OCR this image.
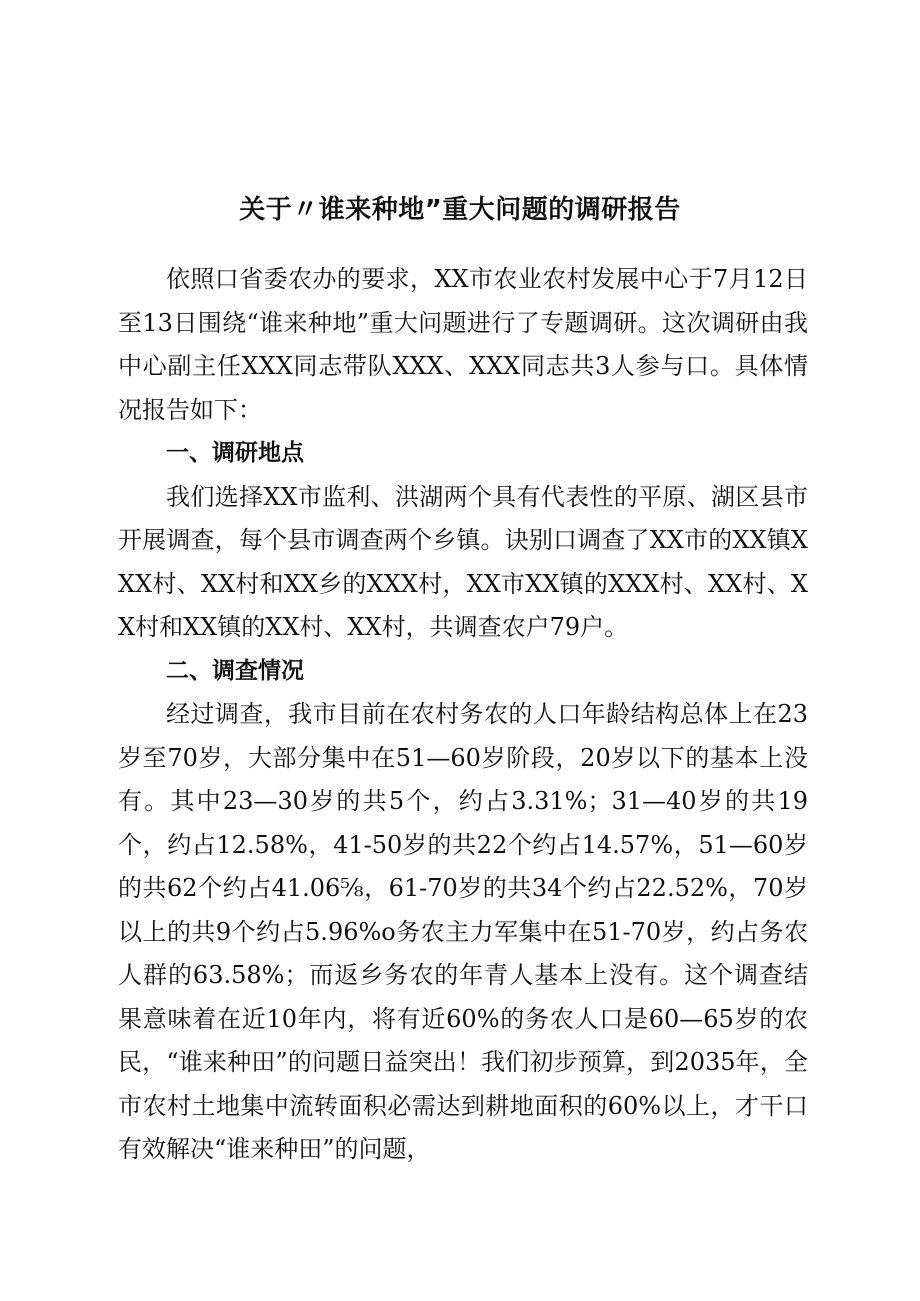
关于〃谁来种地”重大问题的调研报告

依照口省委农办的要求，XX市农业农村发展中心于7月12日至13日围绕“谁来种地”重大问题进行了专题调研。这次调研由我中心副主任XXX同志带队XXX、XXX同志共3人参与口。具体情况报告如下：

一、调研地点

我们选择XX市监利、洪湖两个具有代表性的平原、湖区县市开展调查，每个县市调查两个乡镇。诀别口调查了XX市的XX镇XXX村、XX村和XX乡的XXX村，XX市XX镇的XXX村、XX村、XX村和XX镇的XX村、XX村，共调查农户79户。

二、调查情况

经过调查，我市目前在农村务农的人口年龄结构总体上在23岁至70岁，大部分集中在51—60岁阶段，20岁以下的基本上没有。其中23—30岁的共5个，约占3.31%；31—40岁的共19个，约占12.58%，41-50岁的共22个约占14.57%，51—60岁的共62个约占41.06⅝，61-70岁的共34个约占22.52%，70岁以上的共9个约占5.96%o务农主力军集中在51-70岁，约占务农人群的63.58%；而返乡务农的年青人基本上没有。这个调查结果意味着在近10年内，将有近60%的务农人口是60—65岁的农民，“谁来种田”的问题日益突出！我们初步预算，到2035年，全市农村土地集中流转面积必需达到耕地面积的60%以上，才干口有效解决“谁来种田”的问题，
